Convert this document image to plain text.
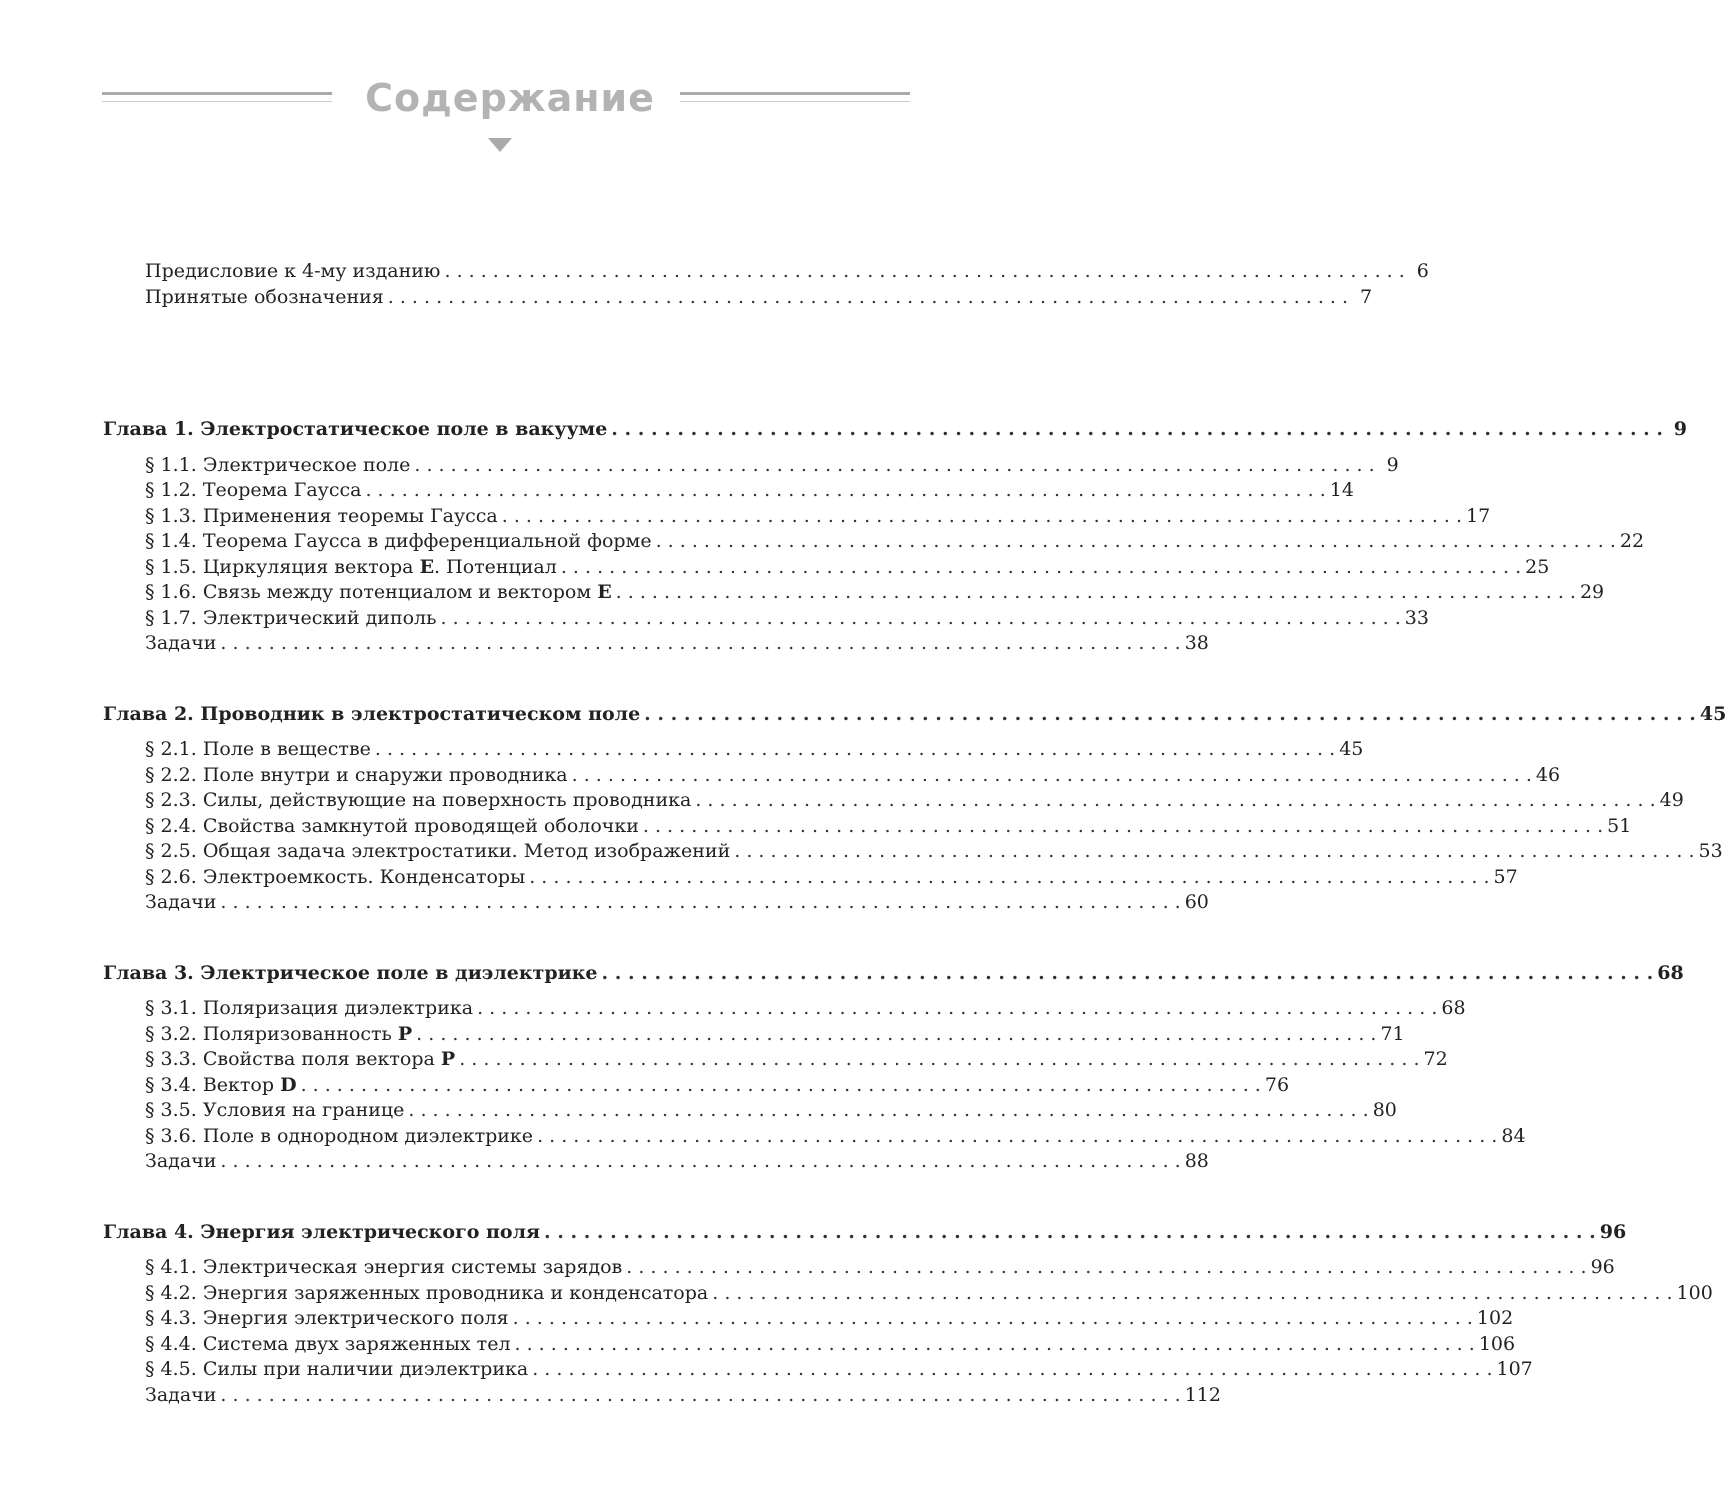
Содержание
Предисловие к 4-му изданию . . . . . . . . . . . . . . . . . . . . . . . . . . . . . . . . . . . . . . . . . . . . . . . . . . . . . . . . . . . . . . . . . . . . . . . . . . . . . . . . 6
Принятые обозначения . . . . . . . . . . . . . . . . . . . . . . . . . . . . . . . . . . . . . . . . . . . . . . . . . . . . . . . . . . . . . . . . . . . . . . . . . . . . . . . . 7
Глава 1. Электростатическое поле в вакууме . . . . . . . . . . . . . . . . . . . . . . . . . . . . . . . . . . . . . . . . . . . . . . . . . . . . . . . . . . . . . . . . . . . . . . . . . . . . . . . . 9
§ 1.1. Электрическое поле . . . . . . . . . . . . . . . . . . . . . . . . . . . . . . . . . . . . . . . . . . . . . . . . . . . . . . . . . . . . . . . . . . . . . . . . . . . . . . . . 9
§ 1.2. Теорема Гаусса . . . . . . . . . . . . . . . . . . . . . . . . . . . . . . . . . . . . . . . . . . . . . . . . . . . . . . . . . . . . . . . . . . . . . . . . . . . . . . . . 14
§ 1.3. Применения теоремы Гаусса . . . . . . . . . . . . . . . . . . . . . . . . . . . . . . . . . . . . . . . . . . . . . . . . . . . . . . . . . . . . . . . . . . . . . . . . . . . . . . . . 17
§ 1.4. Теорема Гаусса в дифференциальной форме . . . . . . . . . . . . . . . . . . . . . . . . . . . . . . . . . . . . . . . . . . . . . . . . . . . . . . . . . . . . . . . . . . . . . . . . . . . . . . . . 22
§ 1.5. Циркуляция вектора E. Потенциал . . . . . . . . . . . . . . . . . . . . . . . . . . . . . . . . . . . . . . . . . . . . . . . . . . . . . . . . . . . . . . . . . . . . . . . . . . . . . . . . 25
§ 1.6. Связь между потенциалом и вектором E . . . . . . . . . . . . . . . . . . . . . . . . . . . . . . . . . . . . . . . . . . . . . . . . . . . . . . . . . . . . . . . . . . . . . . . . . . . . . . . . 29
§ 1.7. Электрический диполь . . . . . . . . . . . . . . . . . . . . . . . . . . . . . . . . . . . . . . . . . . . . . . . . . . . . . . . . . . . . . . . . . . . . . . . . . . . . . . . . 33
Задачи . . . . . . . . . . . . . . . . . . . . . . . . . . . . . . . . . . . . . . . . . . . . . . . . . . . . . . . . . . . . . . . . . . . . . . . . . . . . . . . . 38
Глава 2. Проводник в электростатическом поле . . . . . . . . . . . . . . . . . . . . . . . . . . . . . . . . . . . . . . . . . . . . . . . . . . . . . . . . . . . . . . . . . . . . . . . . . . . . . . . . 45
§ 2.1. Поле в веществе . . . . . . . . . . . . . . . . . . . . . . . . . . . . . . . . . . . . . . . . . . . . . . . . . . . . . . . . . . . . . . . . . . . . . . . . . . . . . . . . 45
§ 2.2. Поле внутри и снаружи проводника . . . . . . . . . . . . . . . . . . . . . . . . . . . . . . . . . . . . . . . . . . . . . . . . . . . . . . . . . . . . . . . . . . . . . . . . . . . . . . . . 46
§ 2.3. Силы, действующие на поверхность проводника . . . . . . . . . . . . . . . . . . . . . . . . . . . . . . . . . . . . . . . . . . . . . . . . . . . . . . . . . . . . . . . . . . . . . . . . . . . . . . . . 49
§ 2.4. Свойства замкнутой проводящей оболочки . . . . . . . . . . . . . . . . . . . . . . . . . . . . . . . . . . . . . . . . . . . . . . . . . . . . . . . . . . . . . . . . . . . . . . . . . . . . . . . . 51
§ 2.5. Общая задача электростатики. Метод изображений . . . . . . . . . . . . . . . . . . . . . . . . . . . . . . . . . . . . . . . . . . . . . . . . . . . . . . . . . . . . . . . . . . . . . . . . . . . . . . . . 53
§ 2.6. Электроемкость. Конденсаторы . . . . . . . . . . . . . . . . . . . . . . . . . . . . . . . . . . . . . . . . . . . . . . . . . . . . . . . . . . . . . . . . . . . . . . . . . . . . . . . . 57
Задачи . . . . . . . . . . . . . . . . . . . . . . . . . . . . . . . . . . . . . . . . . . . . . . . . . . . . . . . . . . . . . . . . . . . . . . . . . . . . . . . . 60
Глава 3. Электрическое поле в диэлектрике . . . . . . . . . . . . . . . . . . . . . . . . . . . . . . . . . . . . . . . . . . . . . . . . . . . . . . . . . . . . . . . . . . . . . . . . . . . . . . . . 68
§ 3.1. Поляризация диэлектрика . . . . . . . . . . . . . . . . . . . . . . . . . . . . . . . . . . . . . . . . . . . . . . . . . . . . . . . . . . . . . . . . . . . . . . . . . . . . . . . . 68
§ 3.2. Поляризованность P . . . . . . . . . . . . . . . . . . . . . . . . . . . . . . . . . . . . . . . . . . . . . . . . . . . . . . . . . . . . . . . . . . . . . . . . . . . . . . . . 71
§ 3.3. Свойства поля вектора P . . . . . . . . . . . . . . . . . . . . . . . . . . . . . . . . . . . . . . . . . . . . . . . . . . . . . . . . . . . . . . . . . . . . . . . . . . . . . . . . 72
§ 3.4. Вектор D . . . . . . . . . . . . . . . . . . . . . . . . . . . . . . . . . . . . . . . . . . . . . . . . . . . . . . . . . . . . . . . . . . . . . . . . . . . . . . . . 76
§ 3.5. Условия на границе . . . . . . . . . . . . . . . . . . . . . . . . . . . . . . . . . . . . . . . . . . . . . . . . . . . . . . . . . . . . . . . . . . . . . . . . . . . . . . . . 80
§ 3.6. Поле в однородном диэлектрике . . . . . . . . . . . . . . . . . . . . . . . . . . . . . . . . . . . . . . . . . . . . . . . . . . . . . . . . . . . . . . . . . . . . . . . . . . . . . . . . 84
Задачи . . . . . . . . . . . . . . . . . . . . . . . . . . . . . . . . . . . . . . . . . . . . . . . . . . . . . . . . . . . . . . . . . . . . . . . . . . . . . . . . 88
Глава 4. Энергия электрического поля . . . . . . . . . . . . . . . . . . . . . . . . . . . . . . . . . . . . . . . . . . . . . . . . . . . . . . . . . . . . . . . . . . . . . . . . . . . . . . . . 96
§ 4.1. Электрическая энергия системы зарядов . . . . . . . . . . . . . . . . . . . . . . . . . . . . . . . . . . . . . . . . . . . . . . . . . . . . . . . . . . . . . . . . . . . . . . . . . . . . . . . . 96
§ 4.2. Энергия заряженных проводника и конденсатора . . . . . . . . . . . . . . . . . . . . . . . . . . . . . . . . . . . . . . . . . . . . . . . . . . . . . . . . . . . . . . . . . . . . . . . . . . . . . . . . 100
§ 4.3. Энергия электрического поля . . . . . . . . . . . . . . . . . . . . . . . . . . . . . . . . . . . . . . . . . . . . . . . . . . . . . . . . . . . . . . . . . . . . . . . . . . . . . . . . 102
§ 4.4. Система двух заряженных тел . . . . . . . . . . . . . . . . . . . . . . . . . . . . . . . . . . . . . . . . . . . . . . . . . . . . . . . . . . . . . . . . . . . . . . . . . . . . . . . . 106
§ 4.5. Силы при наличии диэлектрика . . . . . . . . . . . . . . . . . . . . . . . . . . . . . . . . . . . . . . . . . . . . . . . . . . . . . . . . . . . . . . . . . . . . . . . . . . . . . . . . 107
Задачи . . . . . . . . . . . . . . . . . . . . . . . . . . . . . . . . . . . . . . . . . . . . . . . . . . . . . . . . . . . . . . . . . . . . . . . . . . . . . . . . 112
